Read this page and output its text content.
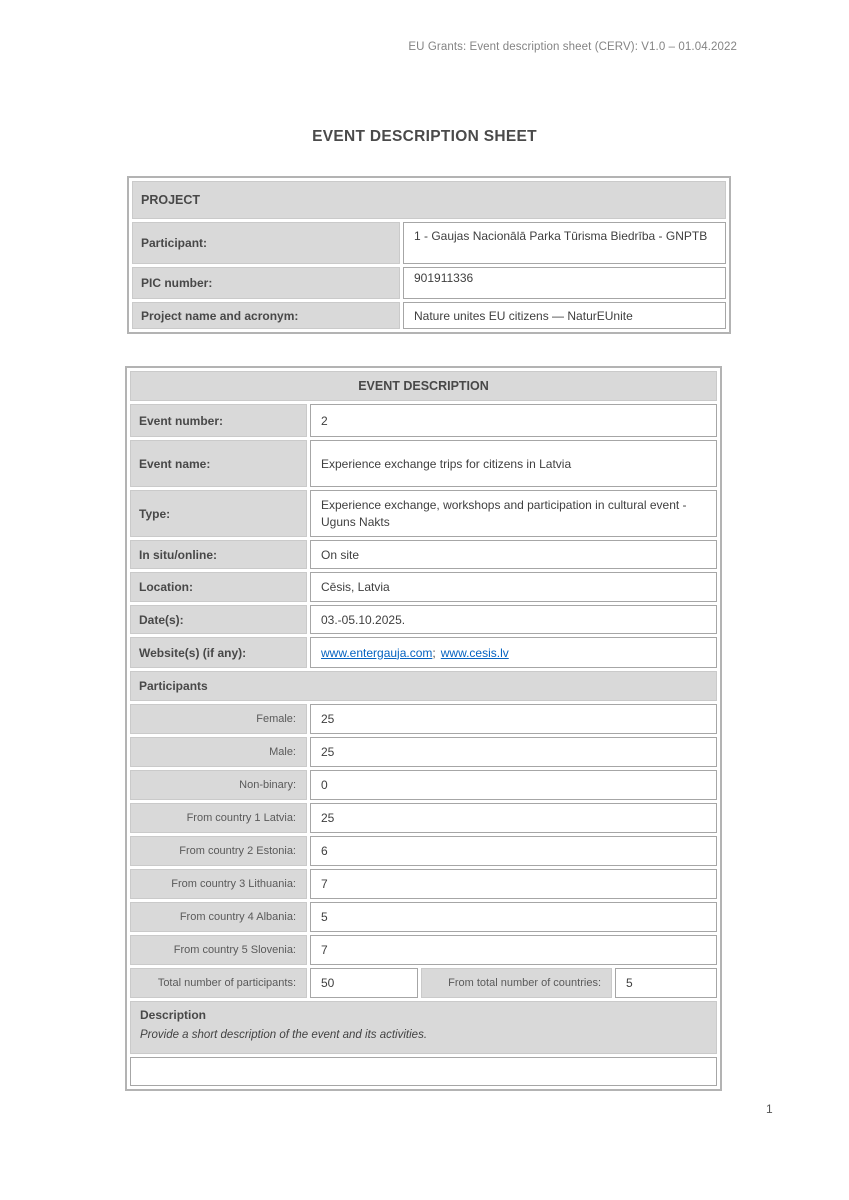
EU Grants: Event description sheet (CERV): V1.0 – 01.04.2022
EVENT DESCRIPTION SHEET
PROJECT
Participant:	1 - Gaujas Nacionālā Parka Tūrisma Biedrība - GNPTB
PIC number:	901911336
Project name and acronym:	Nature unites EU citizens — NaturEUnite
EVENT DESCRIPTION
Event number:	2
Event name:	Experience exchange trips for citizens in Latvia
Type:
Experience exchange, workshops and participation in cultural event - Uguns Nakts
In situ/online:	On site
Location:	Cēsis, Latvia
Date(s):	03.-05.10.2025.
Website(s) (if any):	www.entergauja.com ; www.cesis.lv
Participants
Female:	25
Male:	25
Non-binary:	0
From country 1 Latvia:	25
From country 2 Estonia:	6
From country 3 Lithuania:	7
From country 4 Albania:	5
From country 5 Slovenia:	7
Total number of participants:	50	From total number of countries:	5
Description
Provide a short description of the event and its activities.
1
